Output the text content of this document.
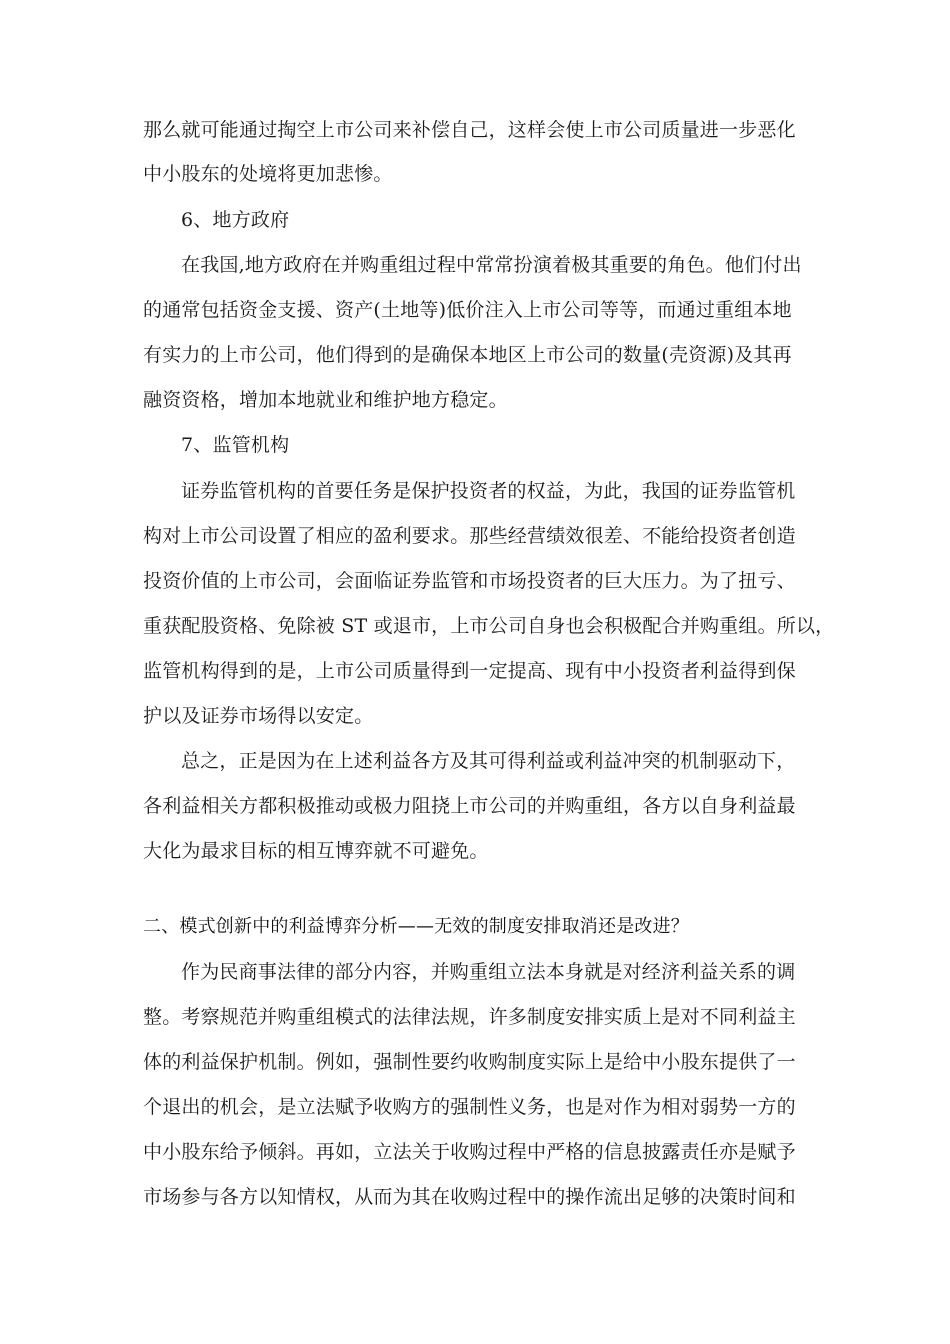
那么就可能通过掏空上市公司来补偿自己，这样会使上市公司质量进一步恶化
中小股东的处境将更加悲惨。
6、地方政府
在我国,地方政府在并购重组过程中常常扮演着极其重要的角色。他们付出
的通常包括资金支援、资产(土地等)低价注入上市公司等等，而通过重组本地
有实力的上市公司，他们得到的是确保本地区上市公司的数量(壳资源)及其再
融资资格，增加本地就业和维护地方稳定。
7、监管机构
证券监管机构的首要任务是保护投资者的权益，为此，我国的证券监管机
构对上市公司设置了相应的盈利要求。那些经营绩效很差、不能给投资者创造
投资价值的上市公司，会面临证券监管和市场投资者的巨大压力。为了扭亏、
重获配股资格、免除被 ST 或退市，上市公司自身也会积极配合并购重组。所以，
监管机构得到的是，上市公司质量得到一定提高、现有中小投资者利益得到保
护以及证券市场得以安定。
总之，正是因为在上述利益各方及其可得利益或利益冲突的机制驱动下，
各利益相关方都积极推动或极力阻挠上市公司的并购重组，各方以自身利益最
大化为最求目标的相互博弈就不可避免。
二、模式创新中的利益博弈分析——无效的制度安排取消还是改进？
作为民商事法律的部分内容，并购重组立法本身就是对经济利益关系的调
整。考察规范并购重组模式的法律法规，许多制度安排实质上是对不同利益主
体的利益保护机制。例如，强制性要约收购制度实际上是给中小股东提供了一
个退出的机会，是立法赋予收购方的强制性义务，也是对作为相对弱势一方的
中小股东给予倾斜。再如，立法关于收购过程中严格的信息披露责任亦是赋予
市场参与各方以知情权，从而为其在收购过程中的操作流出足够的决策时间和
